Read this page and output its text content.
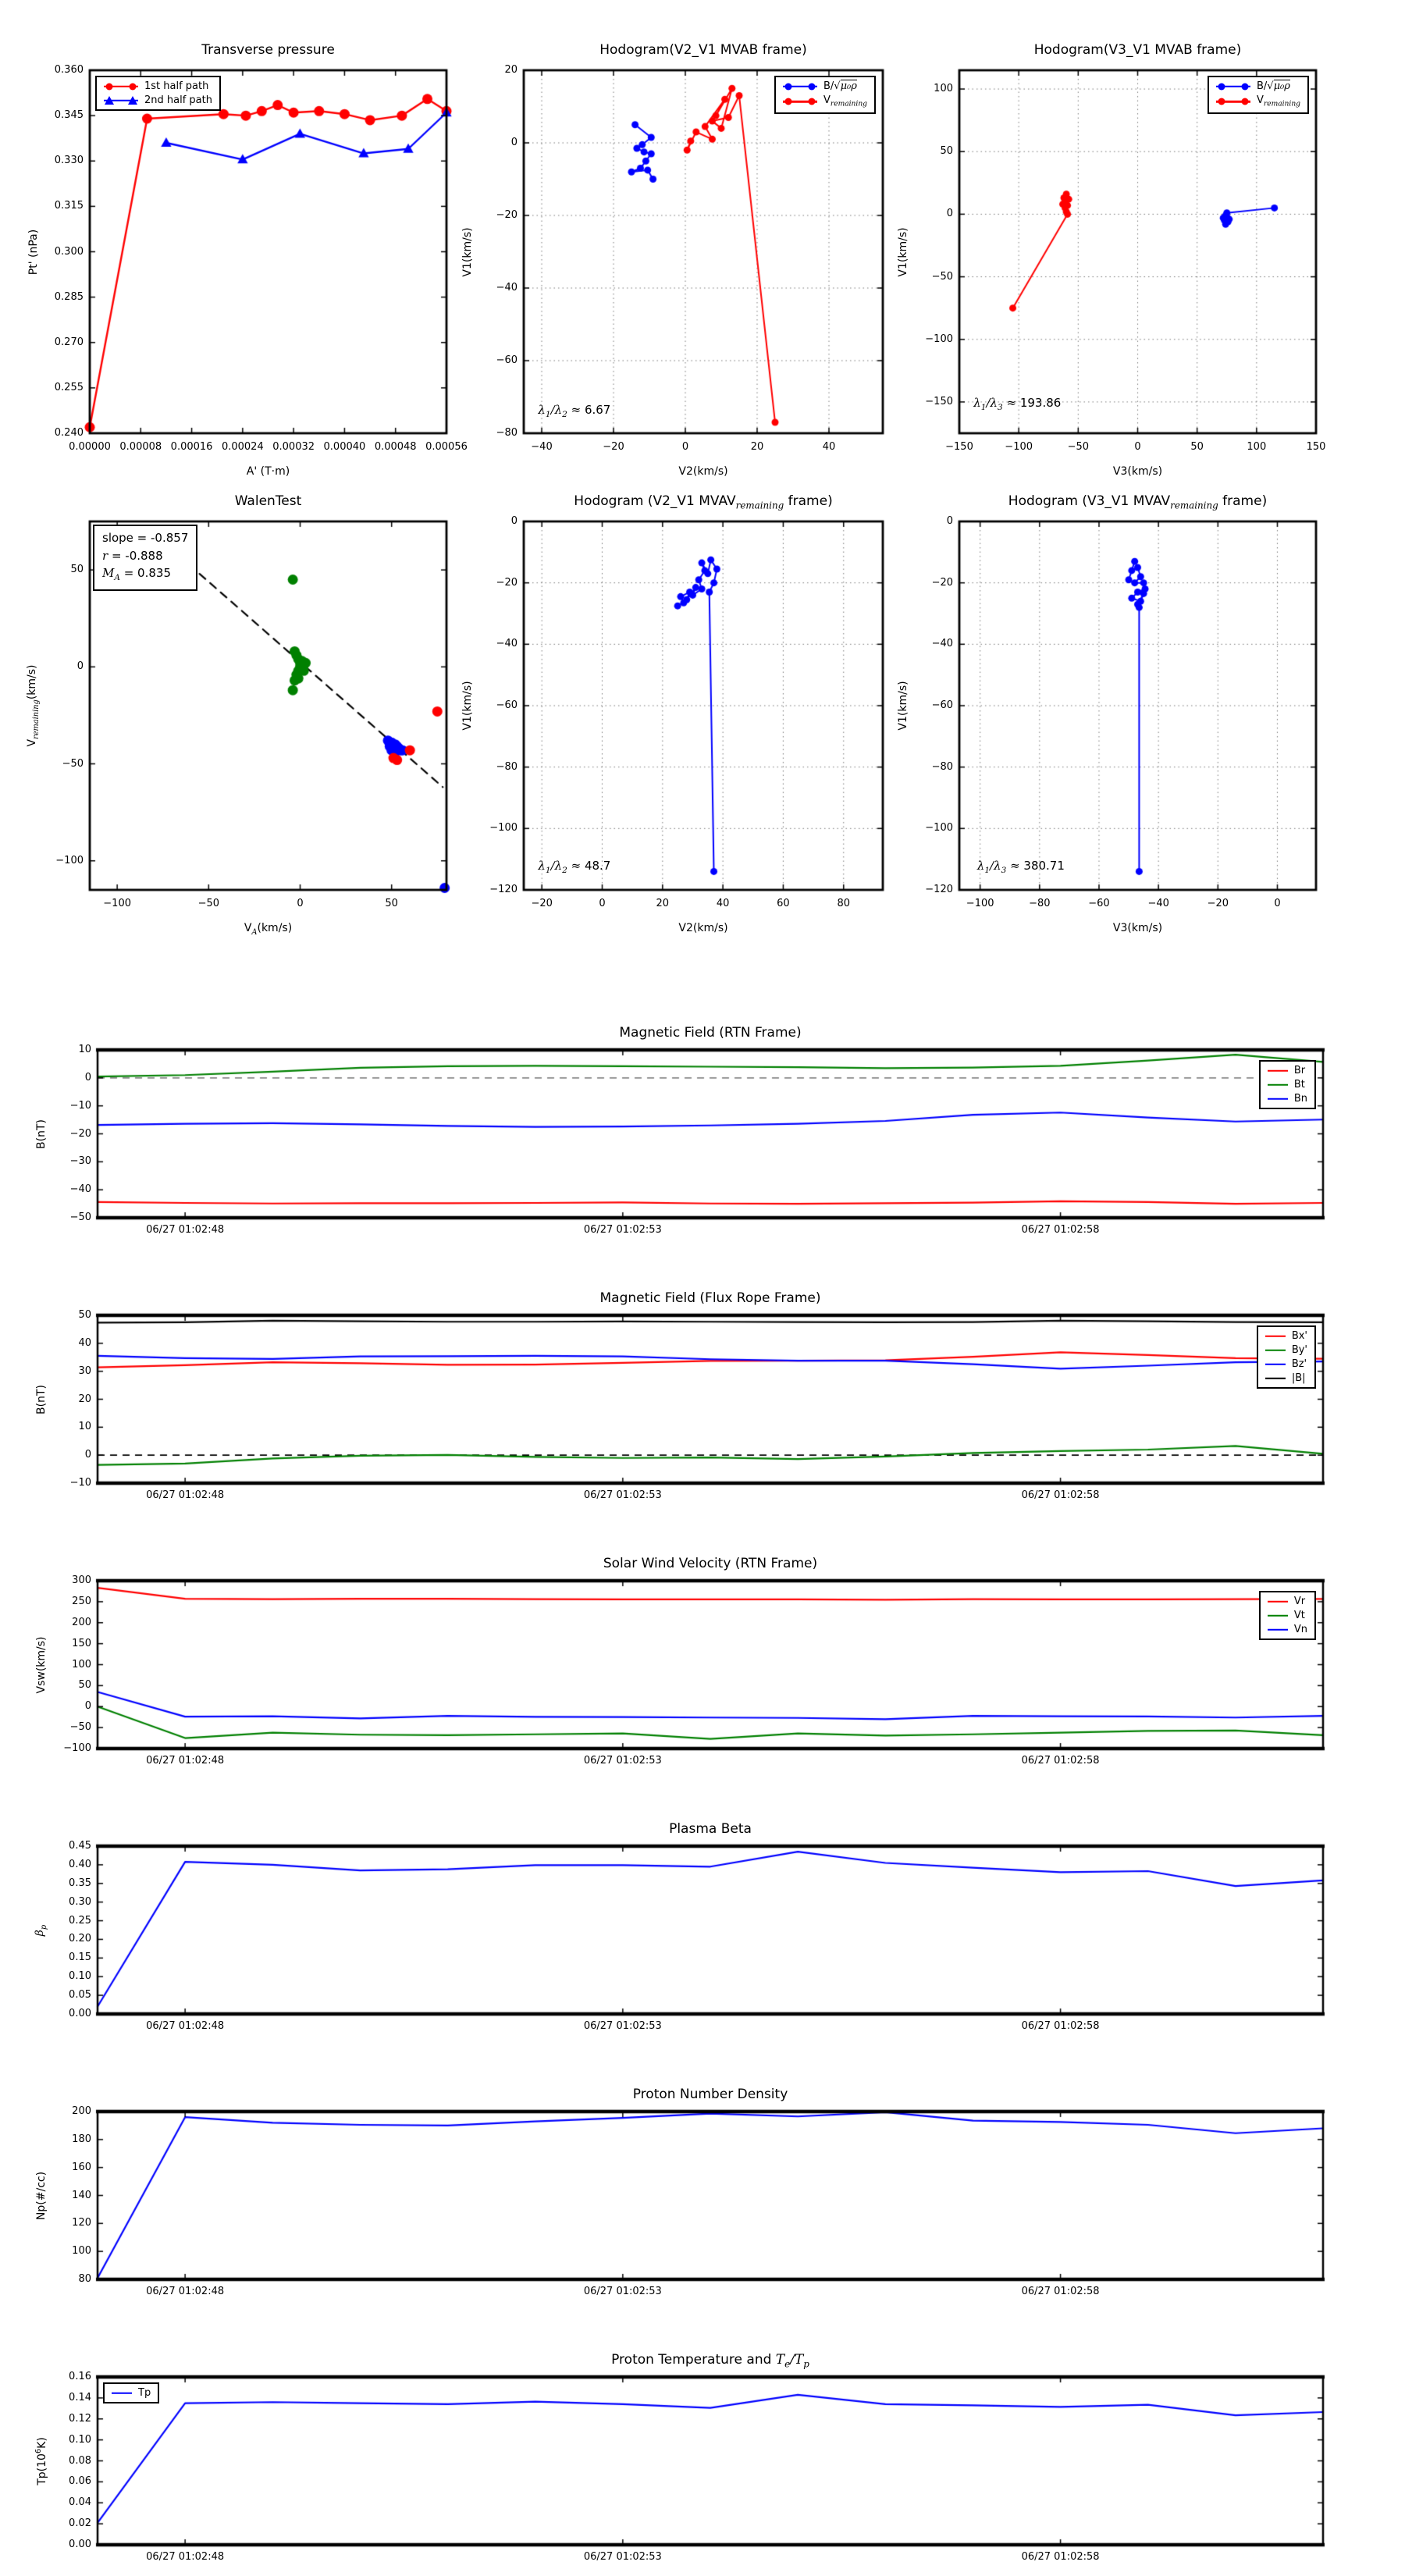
Transverse pressure
0.00000 0.00008 0.00016 0.00024 0.00032 0.00040 0.00048 0.00056
0.240
0.255
0.270
0.285
0.300
0.315
0.330
0.345
0.360
A' (T·m)
Pt' (nPa)
1st half path
2nd half path
Hodogram(V2_V1 MVAB frame)
−40	−20	0	20	40
20
0
−20
−40
−60
−80
V2(km/s)
V1(km/s)
$\lambda_1/\lambda_2 \approx 6.67$
B/√μ₀ρ
$V_{remaining}$
Hodogram(V3_V1 MVAB frame)
−150	−100	−50	0	50	100	150
100
50
0
−50
−100
−150
V3(km/s)
V1(km/s)
$\lambda_1/\lambda_3 \approx 193.86$
B/√μ₀ρ
$V_{remaining}$
WalenTest
−100	−50	0	50
50
0
−50
−100
$V_A(km/s)$
$V_{remaining}(km/s)$
slope = -0.857
r = -0.888
$M_A = 0.835$
Hodogram (V2_V1 $MVAV_{remaining}$ frame)
−20	0	20	40	60	80
0
−20
−40
−60
−80
−100
−120
V2(km/s)
V1(km/s)
$\lambda_1/\lambda_2 \approx 48.7$
Hodogram (V3_V1 $MVAV_{remaining}$ frame)
−100	−80	−60	−40	−20	0
0
−20
−40
−60
−80
−100
−120
V3(km/s)
V1(km/s)
$\lambda_1/\lambda_3 \approx 380.71$
Magnetic Field (RTN Frame)
06/27 01:02:48	06/27 01:02:53	06/27 01:02:58
10
0
−10
−20
−30
−40
−50
B(nT)
Br
Bt
Bn
Magnetic Field (Flux Rope Frame)
06/27 01:02:48	06/27 01:02:53	06/27 01:02:58
50
40
30
20
10
0
−10
B(nT)
Bx'
By'
Bz'
|B|
Solar Wind Velocity (RTN Frame)
06/27 01:02:48	06/27 01:02:53	06/27 01:02:58
300
250
200
150
100
50
0
−50
−100
Vsw(km/s)
Vr
Vt
Vn
Plasma Beta
06/27 01:02:48	06/27 01:02:53	06/27 01:02:58
0.45
0.40
0.35
0.30
0.25
0.20
0.15
0.10
0.05
0.00
$\beta_p$
Proton Number Density
06/27 01:02:48	06/27 01:02:53	06/27 01:02:58
200
180
160
140
120
100
80
Np(#/cc)
Proton Temperature and $T_e/T_p$
06/27 01:02:48	06/27 01:02:53	06/27 01:02:58
0.16
0.14
0.12
0.10
0.08
0.06
0.04
0.02
0.00
$Tp(10^6K)$
Tp
